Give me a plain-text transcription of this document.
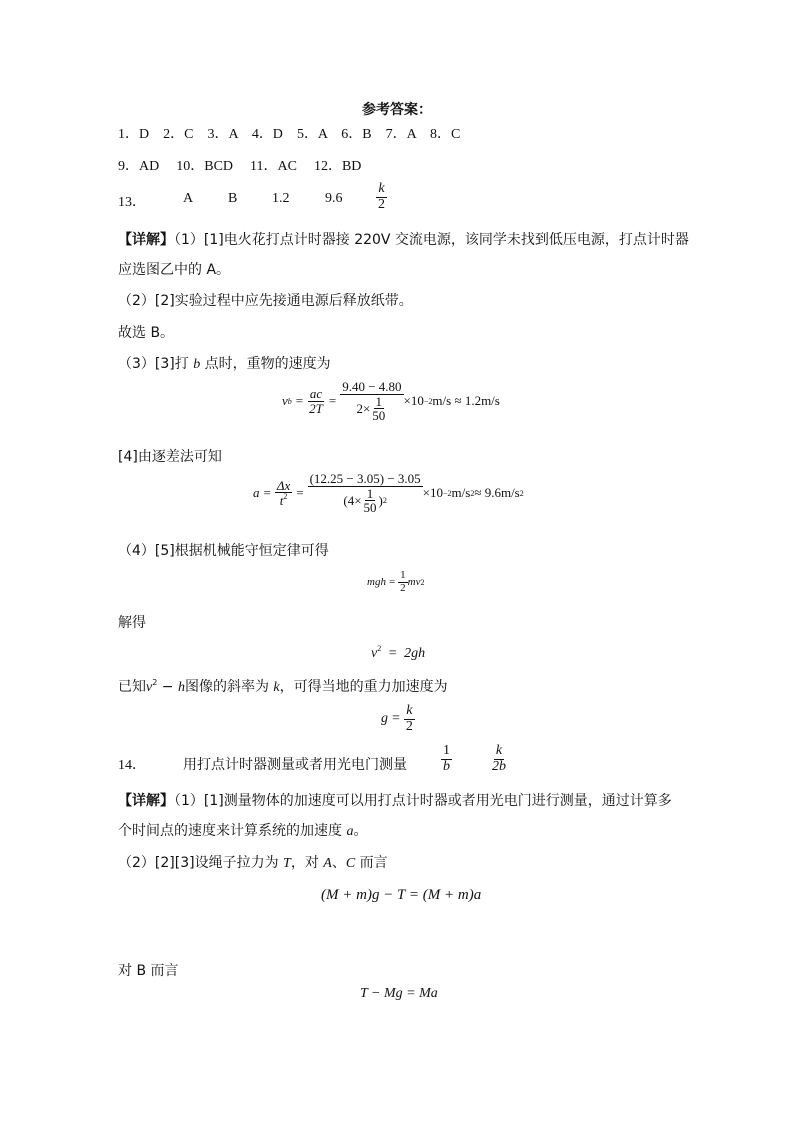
参考答案：
1．D 2．C 3．A 4．D 5．A 6．B 7．A 8．C
9．AD 10．BCD 11．AC 12．BD
13．	A B 1.2	$9.6 \frac{k}{2}$
【详解】（1）[1]电火花打点计时器接 220V 交流电源，该同学未找到低压电源，打点计时器
应选图乙中的 A。
（2）[2]实验过程中应先接通电源后释放纸带。
故选 B。
（3）[3]打 b 点时，重物的速度为
v $b = \frac{ac}{2T} = \frac{9.40 - 4.80}{2\times \frac{1}{50}} \times 10 -2$ m/s ≈ 1.2m/s
[4]由逐差法可知
$a = \frac{\Delta x}{t^2} = \frac{(12.25 - 3.05) - 3.05}{(4\times \frac{1}{50} ) 2} \times 10 -2$ m/s 2 ≈ 9.6m/s 2
（4）[5]根据机械能守恒定律可得
mgh = $\frac{1}{2}$ mv 2
解得
$v^2 = 2gh$
已知$v^2 - h$图像的斜率为 k，可得当地的重力加速度为
$g = \frac{k}{2}$
14．	用打点计时器测量或者用光电门测量 $\frac{1}{b}$	$\frac{k}{2b}$
【详解】（1）[1]测量物体的加速度可以用打点计时器或者用光电门进行测量，通过计算多
个时间点的速度来计算系统的加速度 a。
（2）[2][3]设绳子拉力为 T，对 A、C 而言
(M + m)g − T = (M + m)a
对 B 而言
T − Mg = Ma
